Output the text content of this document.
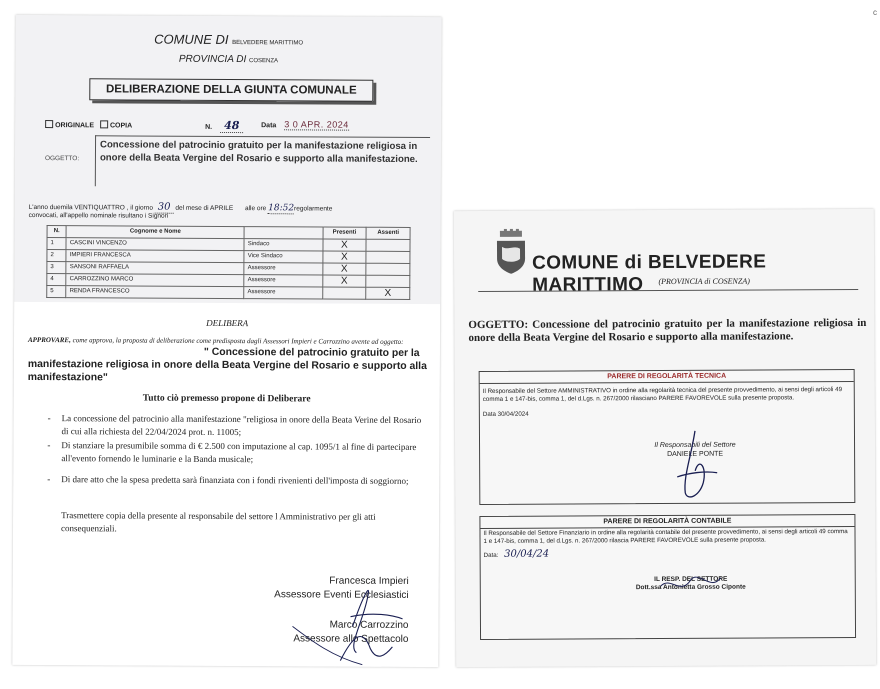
COMUNE DI BELVEDERE MARITTIMO
PROVINCIA DI COSENZA
DELIBERAZIONE DELLA GIUNTA COMUNALE
ORIGINALE COPIA	N. 48	Data 3 0 APR. 2024
OGGETTO:
Concessione del patrocinio gratuito per la manifestazione religiosa in onore della Beata Vergine del Rosario e supporto alla manifestazione.
L'anno duemila VENTIQUATTRO , il giorno 30 del mese di APRILE alle ore 18:52regolarmente
convocati, all'appello nominale risultano i Signori
N.	Cognome e Nome		Presenti	Assenti
1	CASCINI VINCENZO	Sindaco	X	
2	IMPIERI FRANCESCA	Vice Sindaco	X	
3	SANSONI RAFFAELA	Assessore	X	
4	CARROZZINO MARCO	Assessore	X	
5	RENDA FRANCESCO	Assessore		X
DELIBERA
APPROVARE, come approva, la proposta di deliberazione come predisposta dagli Assessori Impieri e Carrozzino avente ad oggetto:
" Concessione del patrocinio gratuito per la manifestazione religiosa in onore della Beata Vergine del Rosario e supporto alla manifestazione"
Tutto ciò premesso propone di Deliberare
- La concessione del patrocinio alla manifestazione "religiosa in onore della Beata Verine del Rosario di cui alla richiesta del 22/04/2024 prot. n. 11005;
- Di stanziare la presumibile somma di € 2.500 con imputazione al cap. 1095/1 al fine di partecipare all'evento fornendo le luminarie e la Banda musicale;
- Di dare atto che la spesa predetta sarà finanziata con i fondi rivenienti dell'imposta di soggiorno;
Trasmettere copia della presente al responsabile del settore l Amministrativo per gli atti consequenziali.
Francesca Impieri
Assessore Eventi Ecclesiastici
Marco Carrozzino
Assessore allo Spettacolo
COMUNE di BELVEDERE MARITTIMO	(PROVINCIA di COSENZA)
OGGETTO: Concessione del patrocinio gratuito per la manifestazione religiosa in onore della Beata Vergine del Rosario e supporto alla manifestazione.
PARERE DI REGOLARITÀ TECNICA
Il Responsabile del Settore AMMINISTRATIVO in ordine alla regolarità tecnica del presente provvedimento, ai sensi degli articoli 49 comma 1 e 147-bis, comma 1, del d.Lgs. n. 267/2000 rilasciano PARERE FAVOREVOLE sulla presente proposta.
Data 30/04/2024
Il Responsabili del Settore
DANIELE PONTE
PARERE DI REGOLARITÀ CONTABILE
Il Responsabile del Settore Finanziario in ordine alla regolarità contabile del presente provvedimento, ai sensi degli articoli 49 comma 1 e 147-bis, comma 1, del d.Lgs. n. 267/2000 rilascia PARERE FAVOREVOLE sulla presente proposta.
Data: 30/04/24
IL RESP. DEL SETTORE
Dott.ssa Antonietta Grosso Ciponte
c
